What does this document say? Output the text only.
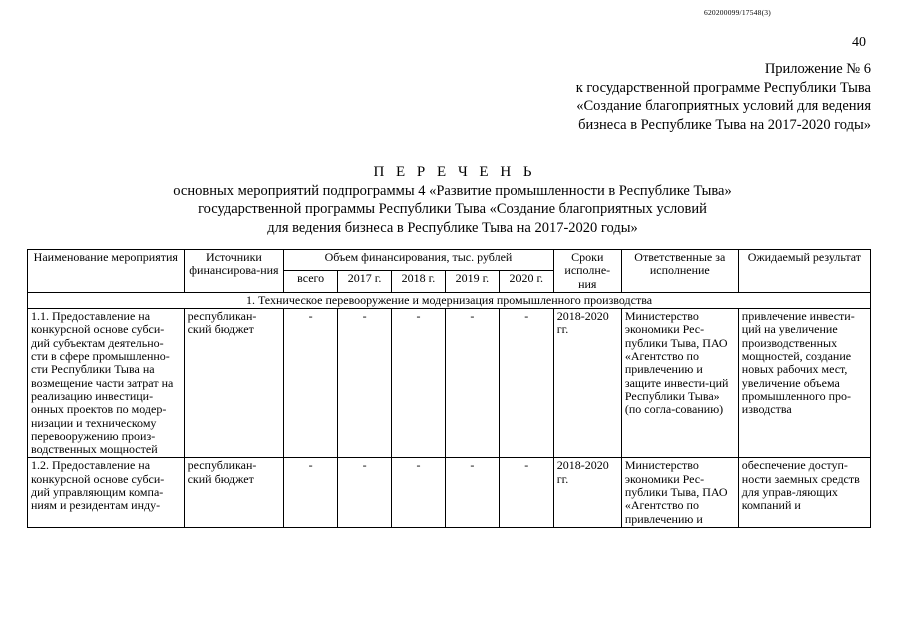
620200099/17548(3)
40
Приложение № 6
к государственной программе Республики Тыва
«Создание благоприятных условий для ведения
бизнеса в Республике Тыва на 2017-2020 годы»
П Е Р Е Ч Е Н Ь
основных мероприятий подпрограммы 4 «Развитие промышленности в Республике Тыва»
государственной программы Республики Тыва «Создание благоприятных условий
для ведения бизнеса в Республике Тыва на 2017-2020 годы»
Наименование мероприятия	Источники финансирова-ния	Объем финансирования, тыс. рублей					Сроки исполне-ния	Ответственные за исполнение	Ожидаемый результат
		всего	2017 г.	2018 г.	2019 г.	2020 г.			
1. Техническое перевооружение и модернизация промышленного производства									
1.1. Предоставление на конкурсной основе субси-дий субъектам деятельно-сти в сфере промышленно-сти Республики Тыва на возмещение части затрат на реализацию инвестици-онных проектов по модер-низации и техническому перевооружению произ-водственных мощностей	республикан-ский бюджет	-	-	-	-	-	2018-2020 гг.	Министерство экономики Рес-публики Тыва, ПАО «Агентство по привлечению и защите инвести-ций Республики Тыва» (по согла-сованию)	привлечение инвести-ций на увеличение производственных мощностей, создание новых рабочих мест, увеличение объема промышленного про-изводства
1.2. Предоставление на конкурсной основе субси-дий управляющим компа-ниям и резидентам инду-	республикан-ский бюджет	-	-	-	-	-	2018-2020 гг.	Министерство экономики Рес-публики Тыва, ПАО «Агентство по привлечению и	обеспечение доступ-ности заемных средств для управ-ляющих компаний и
